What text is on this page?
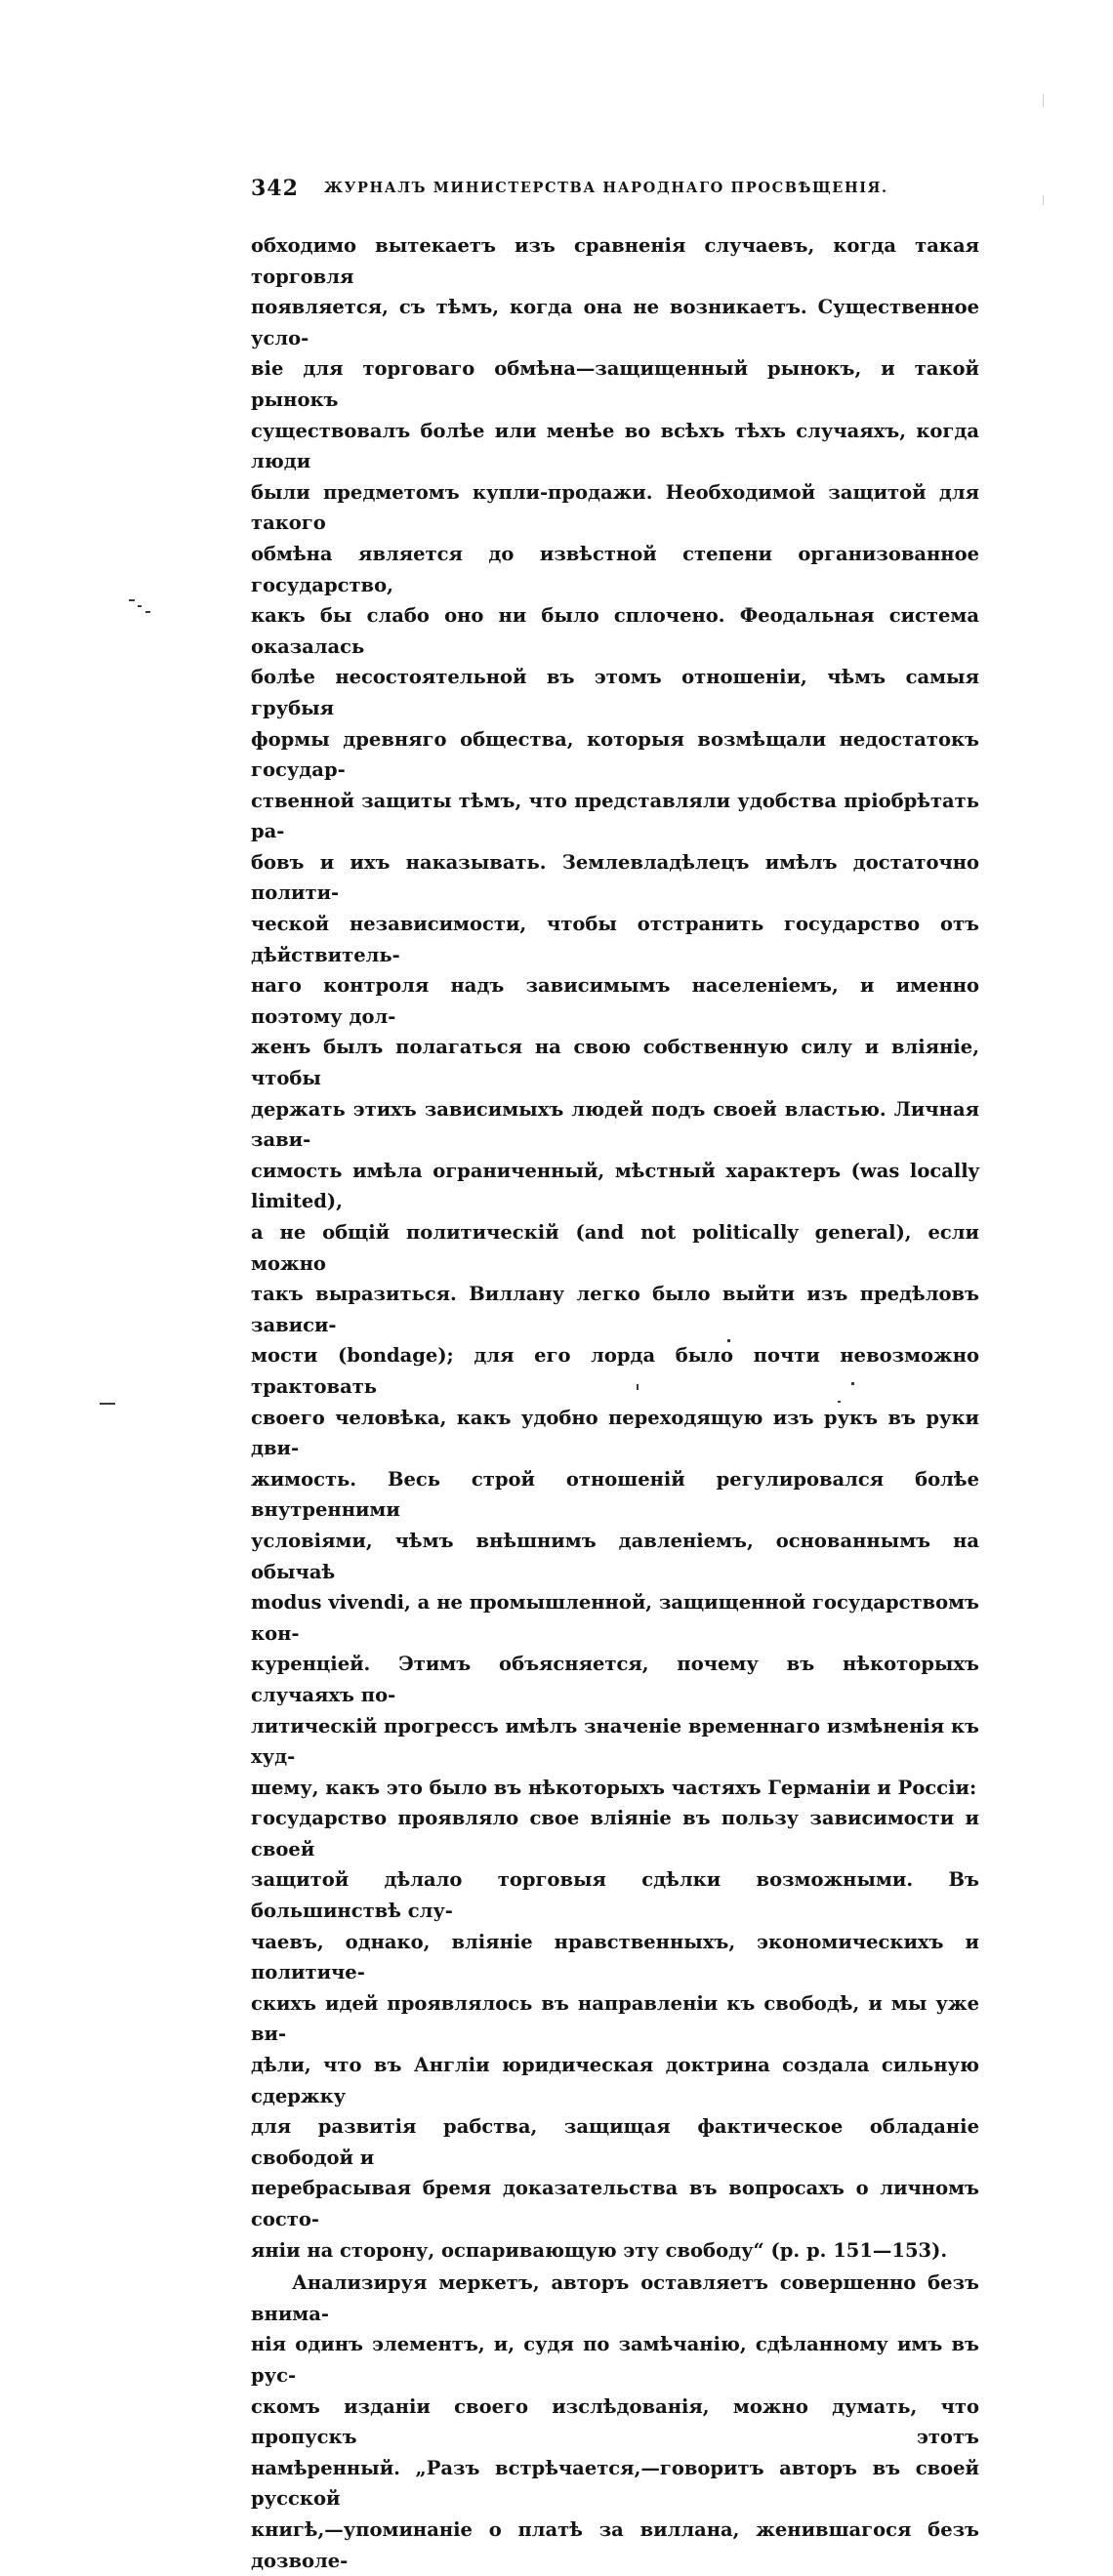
342 ЖУРНАЛЪ МИНИСТЕРСТВА НАРОДНАГО ПРОСВѢЩЕНІЯ.

обходимо вытекаетъ изъ сравненія случаевъ, когда такая торговля
появляется, съ тѣмъ, когда она не возникаетъ. Существенное усло-
віе для торговаго обмѣна—защищенный рынокъ, и такой рынокъ
существовалъ болѣе или менѣе во всѣхъ тѣхъ случаяхъ, когда люди
были предметомъ купли-продажи. Необходимой защитой для такого
обмѣна является до извѣстной степени организованное государство,
какъ бы слабо оно ни было сплочено. Феодальная система оказалась
болѣе несостоятельной въ этомъ отношеніи, чѣмъ самыя грубыя
формы древняго общества, которыя возмѣщали недостатокъ государ-
ственной защиты тѣмъ, что представляли удобства пріобрѣтать ра-
бовъ и ихъ наказывать. Землевладѣлецъ имѣлъ достаточно полити-
ческой независимости, чтобы отстранить государство отъ дѣйствитель-
наго контроля надъ зависимымъ населеніемъ, и именно поэтому дол-
женъ былъ полагаться на свою собственную силу и вліяніе, чтобы
держать этихъ зависимыхъ людей подъ своей властью. Личная зави-
симость имѣла ограниченный, мѣстный характеръ (was locally limited),
а не общій политическій (and not politically general), если можно
такъ выразиться. Виллану легко было выйти изъ предѣловъ зависи-
мости (bondage); для его лорда было почти невозможно трактовать
своего человѣка, какъ удобно переходящую изъ рукъ въ руки дви-
жимость. Весь строй отношеній регулировался болѣе внутренними
условіями, чѣмъ внѣшнимъ давленіемъ, основаннымъ на обычаѣ
modus vivendi, а не промышленной, защищенной государствомъ кон-
куренціей. Этимъ объясняется, почему въ нѣкоторыхъ случаяхъ по-
литическій прогрессъ имѣлъ значеніе временнаго измѣненія къ худ-
шему, какъ это было въ нѣкоторыхъ частяхъ Германіи и Россіи:
государство проявляло свое вліяніе въ пользу зависимости и своей
защитой дѣлало торговыя сдѣлки возможными. Въ большинствѣ слу-
чаевъ, однако, вліяніе нравственныхъ, экономическихъ и политиче-
скихъ идей проявлялось въ направленіи къ свободѣ, и мы уже ви-
дѣли, что въ Англіи юридическая доктрина создала сильную сдержку
для развитія рабства, защищая фактическое обладаніе свободой и
перебрасывая бремя доказательства въ вопросахъ о личномъ состо-
яніи на сторону, оспаривающую эту свободу“ (p. p. 151—153).

Анализируя меркетъ, авторъ оставляетъ совершенно безъ внима-
нія одинъ элементъ, и, судя по замѣчанію, сдѣланному имъ въ рус-
скомъ изданіи своего изслѣдованія, можно думать, что пропускъ этотъ
намѣренный. „Разъ встрѣчается,—говоритъ авторъ въ своей русской
книгѣ,—упоминаніе о платѣ за виллана, женившагося безъ дозволе-
